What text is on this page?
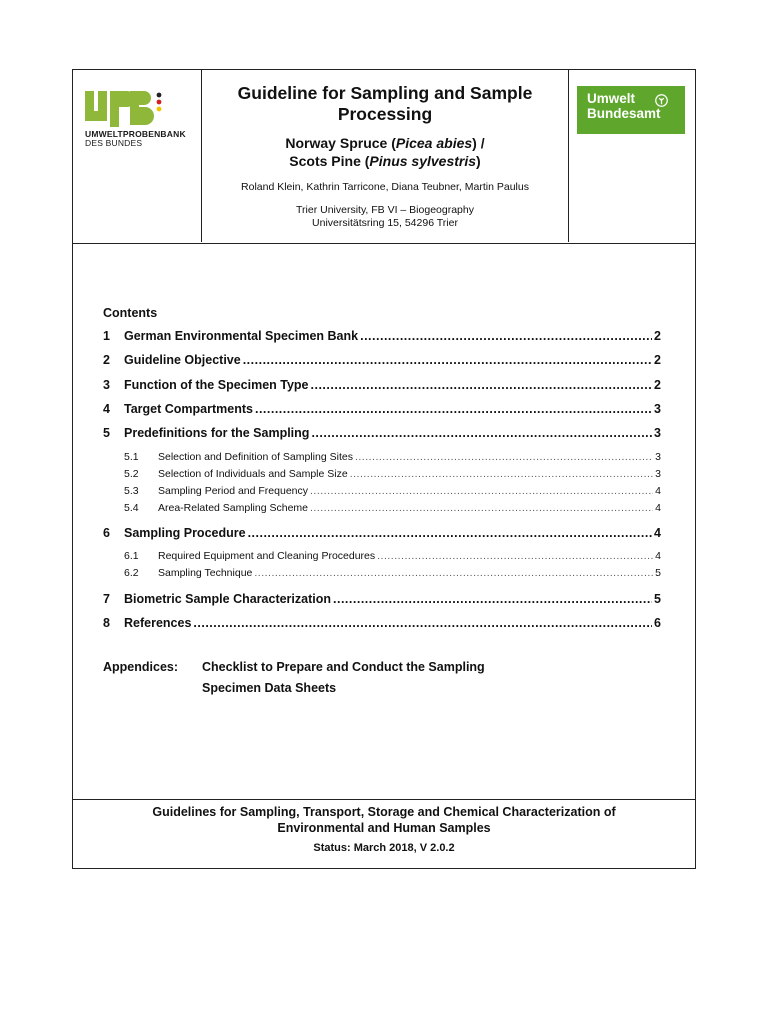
UMWELTPROBENBANK
DES BUNDES
Guideline for Sampling and Sample Processing
Norway Spruce (Picea abies) /
Scots Pine (Pinus sylvestris)
Roland Klein, Kathrin Tarricone, Diana Teubner, Martin Paulus
Trier University, FB VI – Biogeography
Universitätsring 15, 54296 Trier
Umwelt
Bundesamt
Contents
1	German Environmental Specimen Bank .....	2
2	Guideline Objective .....	2
3	Function of the Specimen Type .....	2
4	Target Compartments .....	3
5	Predefinitions for the Sampling .....	3
5.1	Selection and Definition of Sampling Sites .....	3
5.2	Selection of Individuals and Sample Size .....	3
5.3	Sampling Period and Frequency .....	4
5.4	Area-Related Sampling Scheme .....	4
6	Sampling Procedure .....	4
6.1	Required Equipment and Cleaning Procedures .....	4
6.2	Sampling Technique .....	5
7	Biometric Sample Characterization .....	5
8	References .....	6
Appendices: Checklist to Prepare and Conduct the Sampling
Specimen Data Sheets
Guidelines for Sampling, Transport, Storage and Chemical Characterization of
Environmental and Human Samples
Status: March 2018, V 2.0.2
